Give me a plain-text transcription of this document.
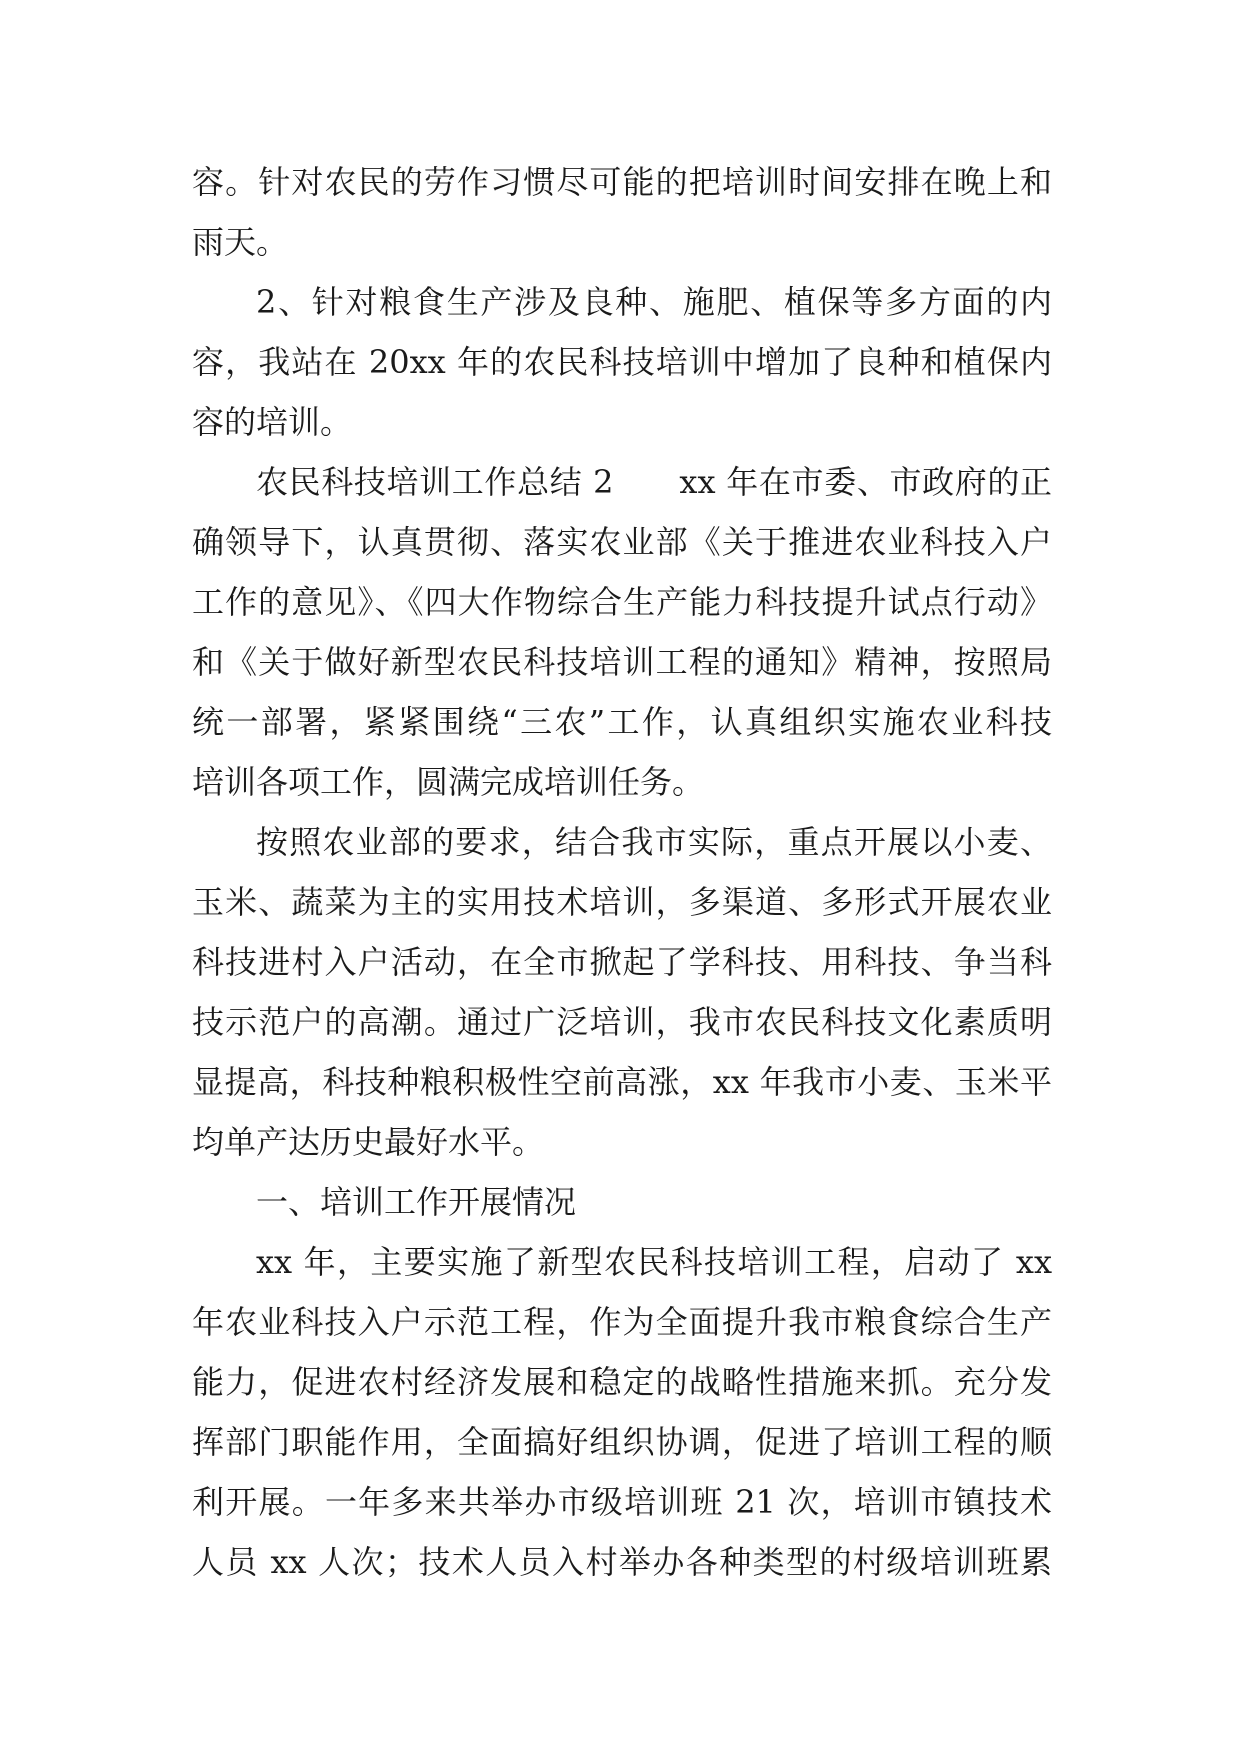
容。针对农民的劳作习惯尽可能的把培训时间安排在晚上和
雨天。
2、针对粮食生产涉及良种、施肥、植保等多方面的内
容，我站在 20xx 年的农民科技培训中增加了良种和植保内
容的培训。
农民科技培训工作总结 2　　xx 年在市委、市政府的正
确领导下，认真贯彻、落实农业部《关于推进农业科技入户
工作的意见》、《四大作物综合生产能力科技提升试点行动》
和《关于做好新型农民科技培训工程的通知》精神，按照局
统一部署，紧紧围绕“三农”工作，认真组织实施农业科技
培训各项工作，圆满完成培训任务。
按照农业部的要求，结合我市实际，重点开展以小麦、
玉米、蔬菜为主的实用技术培训，多渠道、多形式开展农业
科技进村入户活动，在全市掀起了学科技、用科技、争当科
技示范户的高潮。通过广泛培训，我市农民科技文化素质明
显提高，科技种粮积极性空前高涨，xx 年我市小麦、玉米平
均单产达历史最好水平。
一、培训工作开展情况
xx 年，主要实施了新型农民科技培训工程，启动了 xx
年农业科技入户示范工程，作为全面提升我市粮食综合生产
能力，促进农村经济发展和稳定的战略性措施来抓。充分发
挥部门职能作用，全面搞好组织协调，促进了培训工程的顺
利开展。一年多来共举办市级培训班 21 次，培训市镇技术
人员 xx 人次；技术人员入村举办各种类型的村级培训班累
